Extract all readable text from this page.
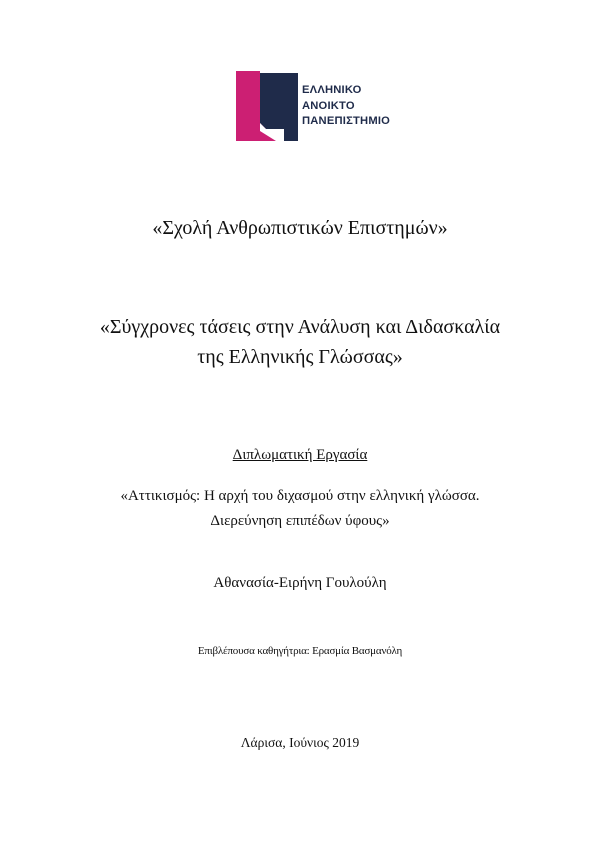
ΕΛΛΗΝΙΚΟ
ΑΝΟΙΚΤΟ
ΠΑΝΕΠΙΣΤΗΜΙΟ
«Σχολή Ανθρωπιστικών Επιστημών»
«Σύγχρονες τάσεις στην Ανάλυση και Διδασκαλία
της Ελληνικής Γλώσσας»
Διπλωματική Εργασία
«Αττικισμός: Η αρχή του διχασμού στην ελληνική γλώσσα.
Διερεύνηση επιπέδων ύφους»
Αθανασία-Ειρήνη Γουλούλη
Επιβλέπουσα καθηγήτρια: Ερασμία Βασμανόλη
Λάρισα, Ιούνιος 2019
